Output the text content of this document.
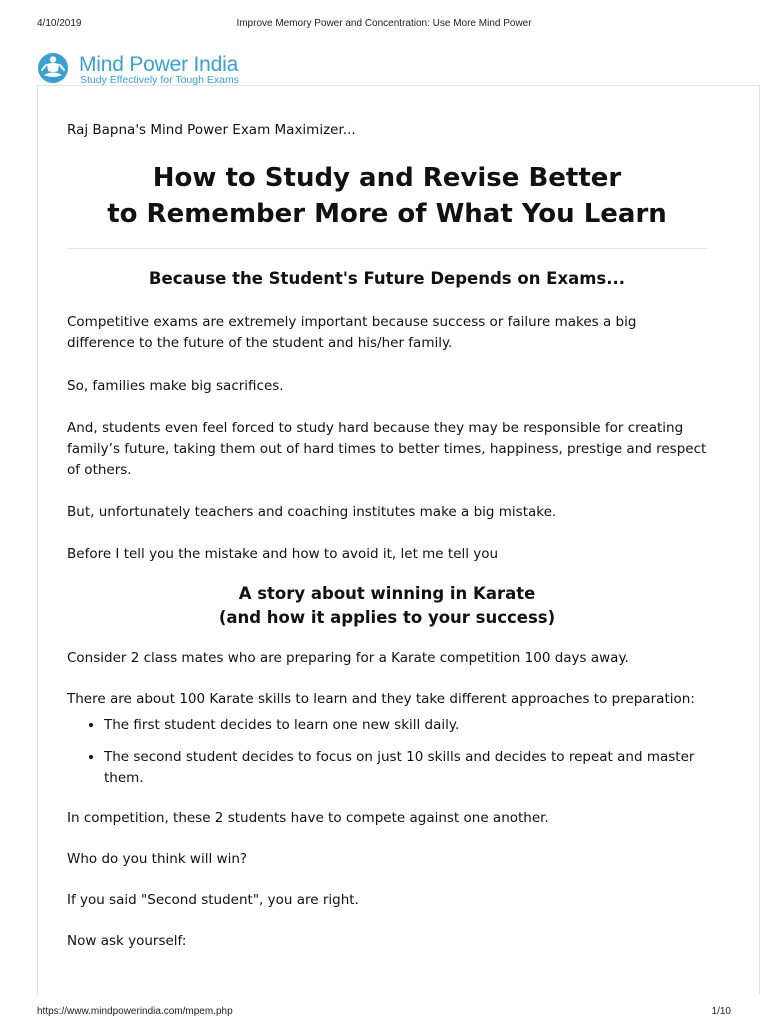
4/10/2019	Improve Memory Power and Concentration: Use More Mind Power
Mind Power India
Study Effectively for Tough Exams

Raj Bapna's Mind Power Exam Maximizer...

How to Study and Revise Better
to Remember More of What You Learn
Because the Student's Future Depends on Exams...

Competitive exams are extremely important because success or failure makes a big difference to the future of the student and his/her family.

So, families make big sacrifices.

And, students even feel forced to study hard because they may be responsible for creating family’s future, taking them out of hard times to better times, happiness, prestige and respect of others.

But, unfortunately teachers and coaching institutes make a big mistake.

Before I tell you the mistake and how to avoid it, let me tell you

A story about winning in Karate
(and how it applies to your success)

Consider 2 class mates who are preparing for a Karate competition 100 days away.

There are about 100 Karate skills to learn and they take different approaches to preparation:

• The first student decides to learn one new skill daily.
• The second student decides to focus on just 10 skills and decides to repeat and master them.

In competition, these 2 students have to compete against one another.

Who do you think will win?

If you said "Second student", you are right.

Now ask yourself:

https://www.mindpowerindia.com/mpem.php	1/10
